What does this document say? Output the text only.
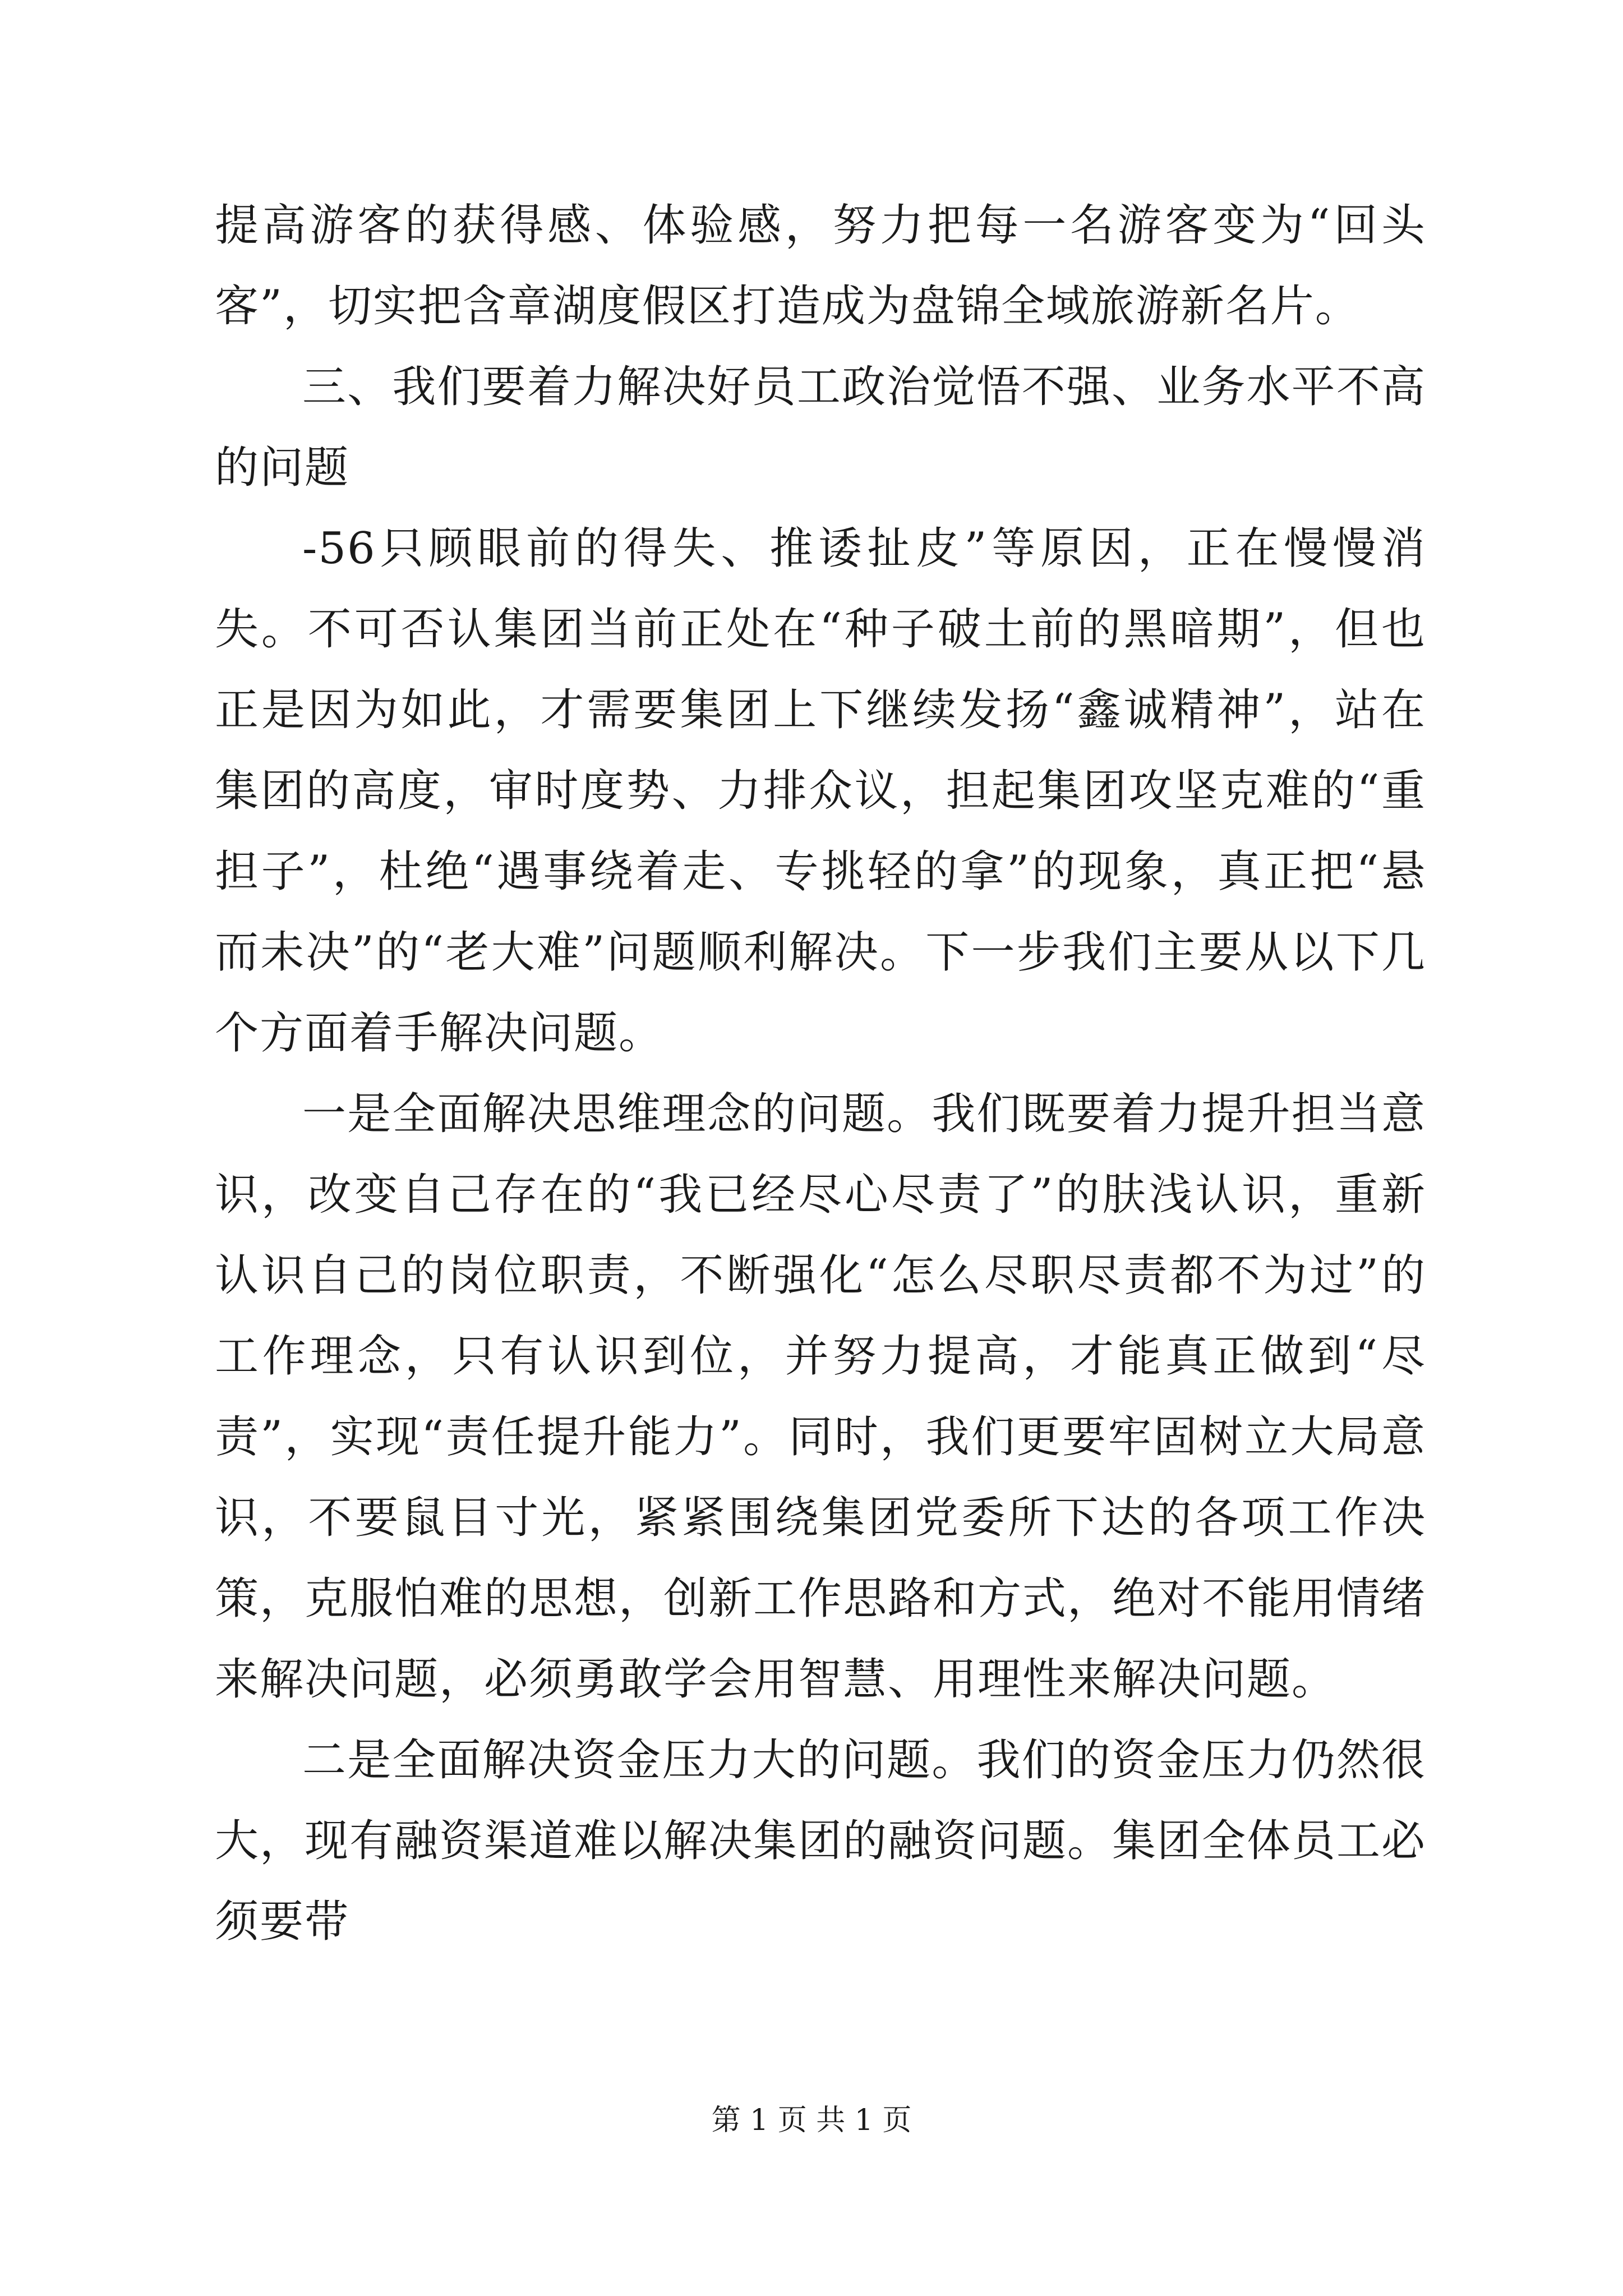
提高游客的获得感、体验感，努力把每一名游客变为“回头客”，切实把含章湖度假区打造成为盘锦全域旅游新名片。

三、我们要着力解决好员工政治觉悟不强、业务水平不高的问题

-56只顾眼前的得失、推诿扯皮”等原因，正在慢慢消失。不可否认集团当前正处在“种子破土前的黑暗期”，但也正是因为如此，才需要集团上下继续发扬“鑫诚精神”，站在集团的高度，审时度势、力排众议，担起集团攻坚克难的“重担子”，杜绝“遇事绕着走、专挑轻的拿”的现象，真正把“悬而未决”的“老大难”问题顺利解决。下一步我们主要从以下几个方面着手解决问题。

一是全面解决思维理念的问题。我们既要着力提升担当意识，改变自己存在的“我已经尽心尽责了”的肤浅认识，重新认识自己的岗位职责，不断强化“怎么尽职尽责都不为过”的工作理念，只有认识到位，并努力提高，才能真正做到“尽责”，实现“责任提升能力”。同时，我们更要牢固树立大局意识，不要鼠目寸光，紧紧围绕集团党委所下达的各项工作决策，克服怕难的思想，创新工作思路和方式，绝对不能用情绪来解决问题，必须勇敢学会用智慧、用理性来解决问题。

二是全面解决资金压力大的问题。我们的资金压力仍然很大，现有融资渠道难以解决集团的融资问题。集团全体员工必须要带

第 1 页 共 1 页
